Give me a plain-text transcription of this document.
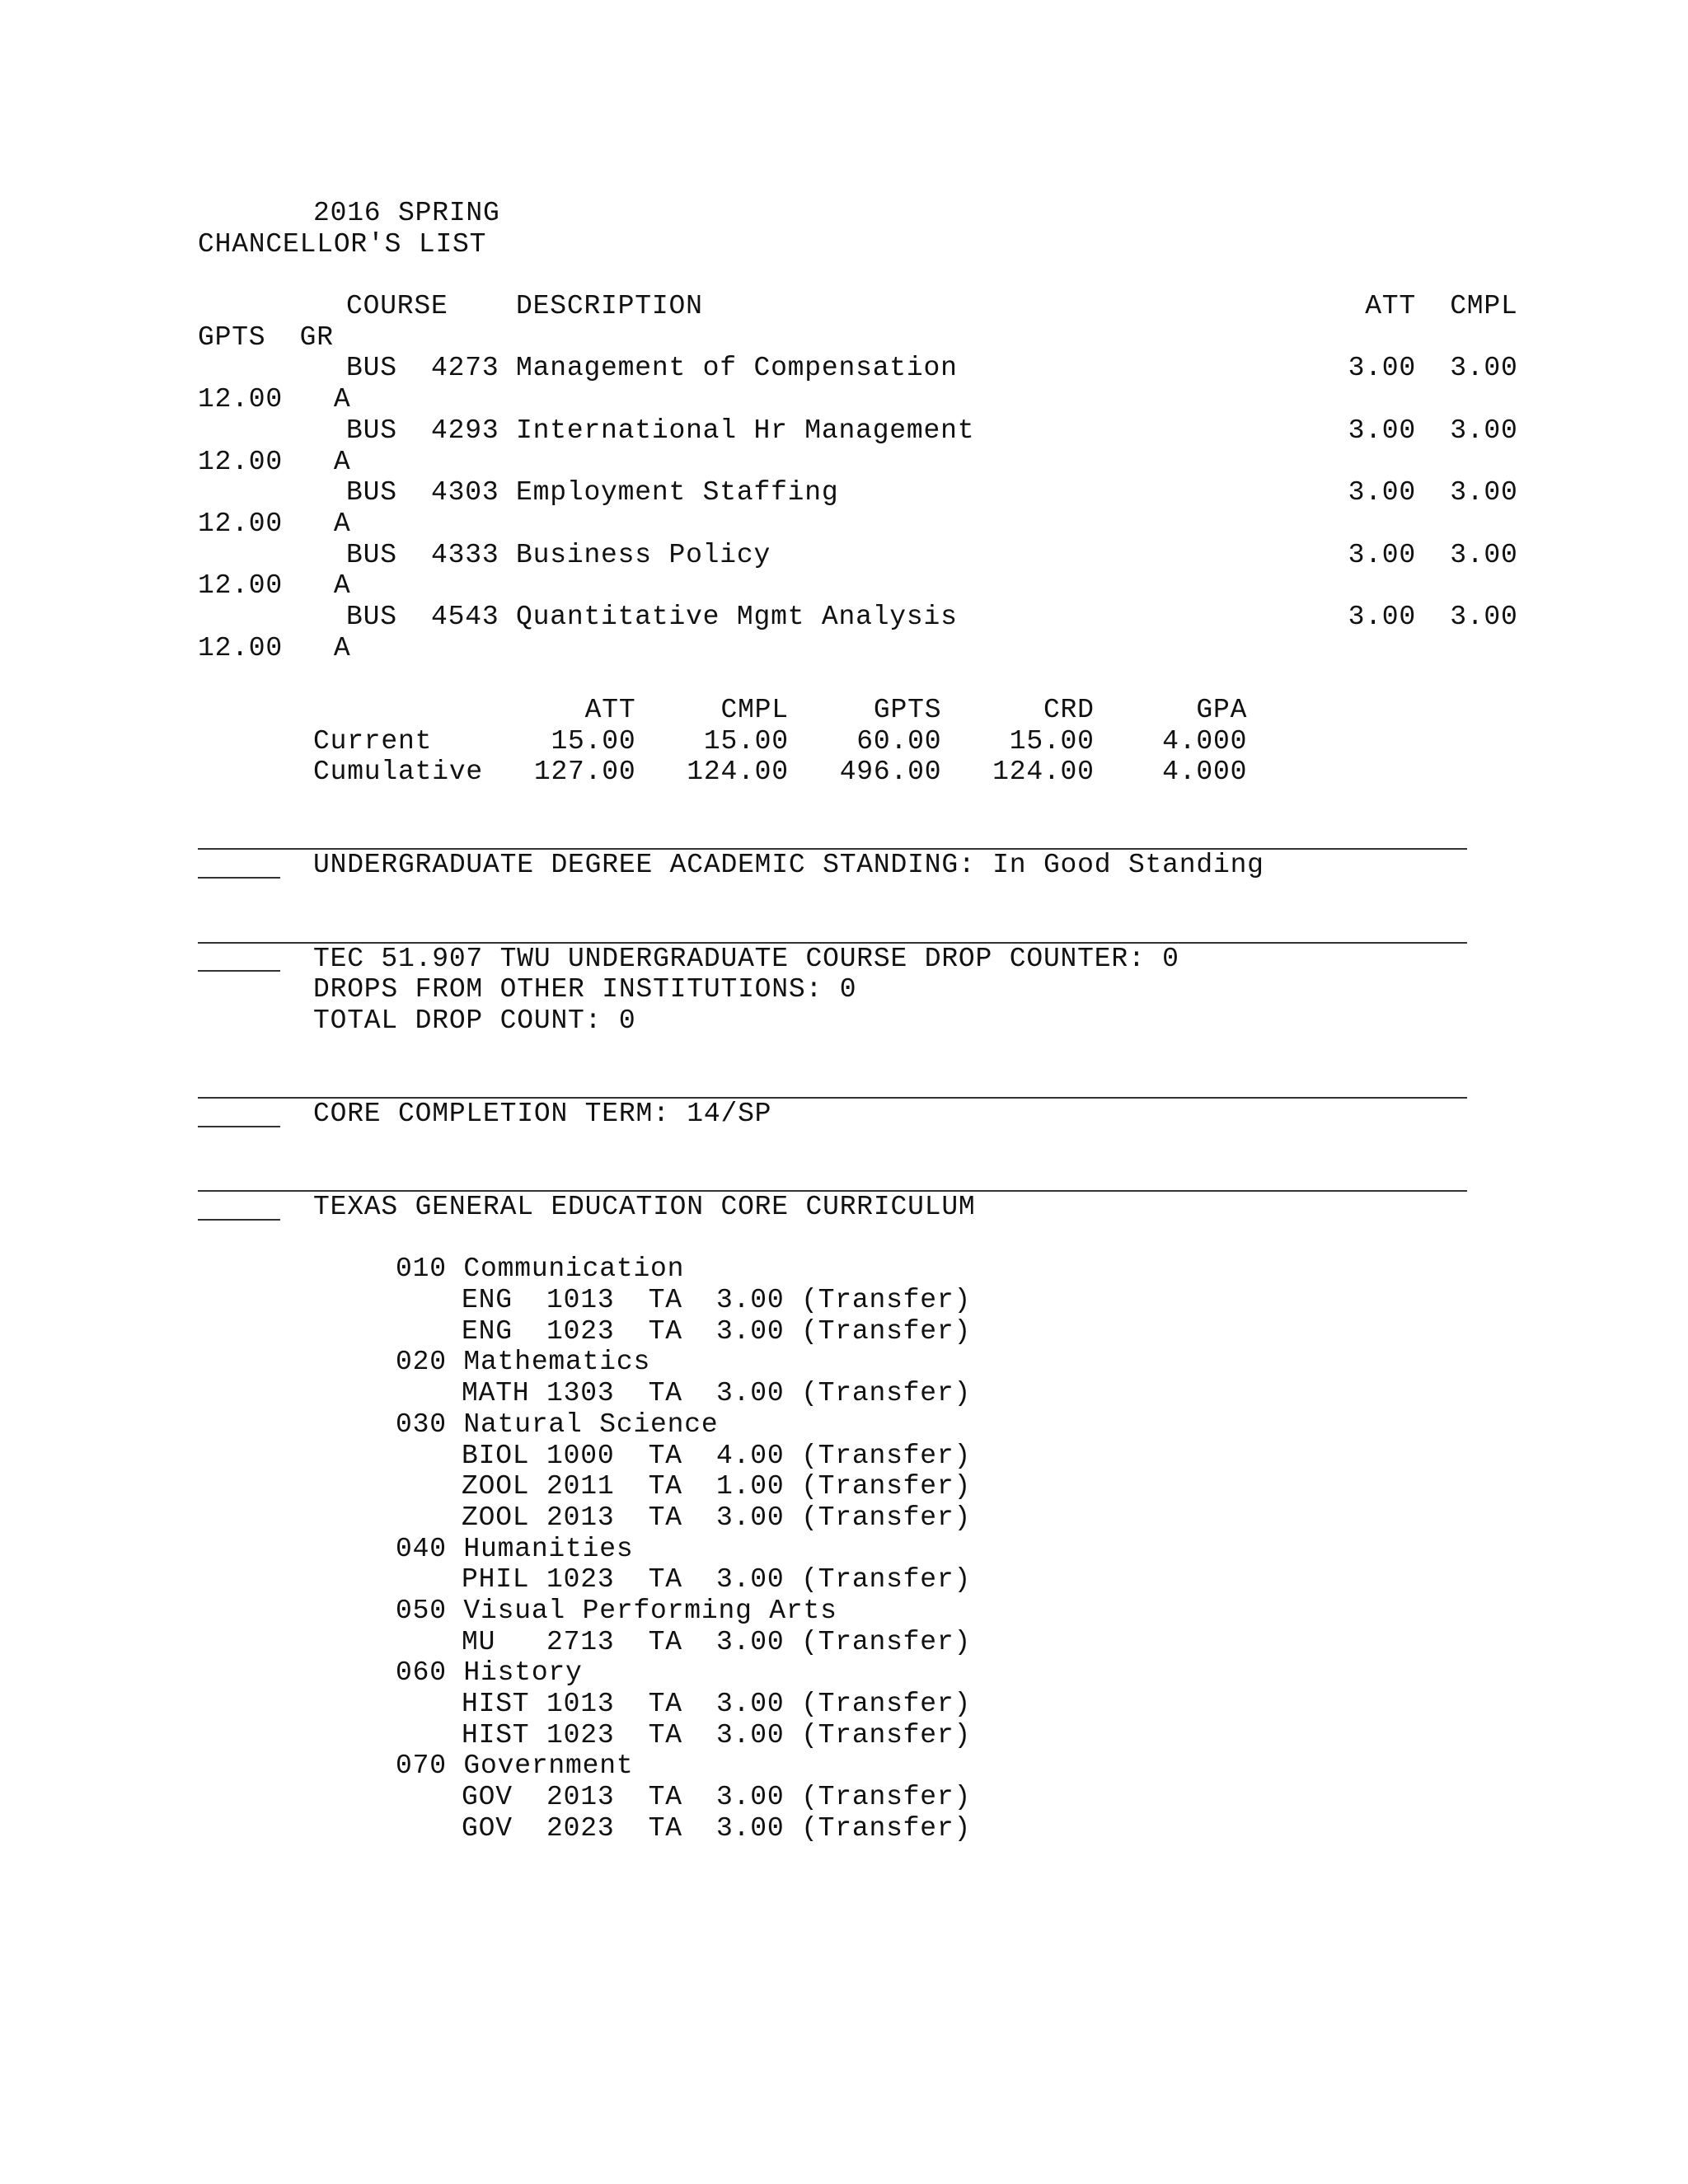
2016 SPRING
CHANCELLOR'S LIST
COURSE    DESCRIPTION                                       ATT  CMPL
GPTS  GR
BUS  4273 Management of Compensation                       3.00  3.00
12.00   A
BUS  4293 International Hr Management                      3.00  3.00
12.00   A
BUS  4303 Employment Staffing                              3.00  3.00
12.00   A
BUS  4333 Business Policy                                  3.00  3.00
12.00   A
BUS  4543 Quantitative Mgmt Analysis                       3.00  3.00
12.00   A
ATT     CMPL     GPTS      CRD      GPA
Current       15.00    15.00    60.00    15.00    4.000
Cumulative   127.00   124.00   496.00   124.00    4.000
UNDERGRADUATE DEGREE ACADEMIC STANDING: In Good Standing
TEC 51.907 TWU UNDERGRADUATE COURSE DROP COUNTER: 0
DROPS FROM OTHER INSTITUTIONS: 0
TOTAL DROP COUNT: 0
CORE COMPLETION TERM: 14/SP
TEXAS GENERAL EDUCATION CORE CURRICULUM
010 Communication
ENG  1013  TA  3.00 (Transfer)
ENG  1023  TA  3.00 (Transfer)
020 Mathematics
MATH 1303  TA  3.00 (Transfer)
030 Natural Science
BIOL 1000  TA  4.00 (Transfer)
ZOOL 2011  TA  1.00 (Transfer)
ZOOL 2013  TA  3.00 (Transfer)
040 Humanities
PHIL 1023  TA  3.00 (Transfer)
050 Visual Performing Arts
MU   2713  TA  3.00 (Transfer)
060 History
HIST 1013  TA  3.00 (Transfer)
HIST 1023  TA  3.00 (Transfer)
070 Government
GOV  2013  TA  3.00 (Transfer)
GOV  2023  TA  3.00 (Transfer)
